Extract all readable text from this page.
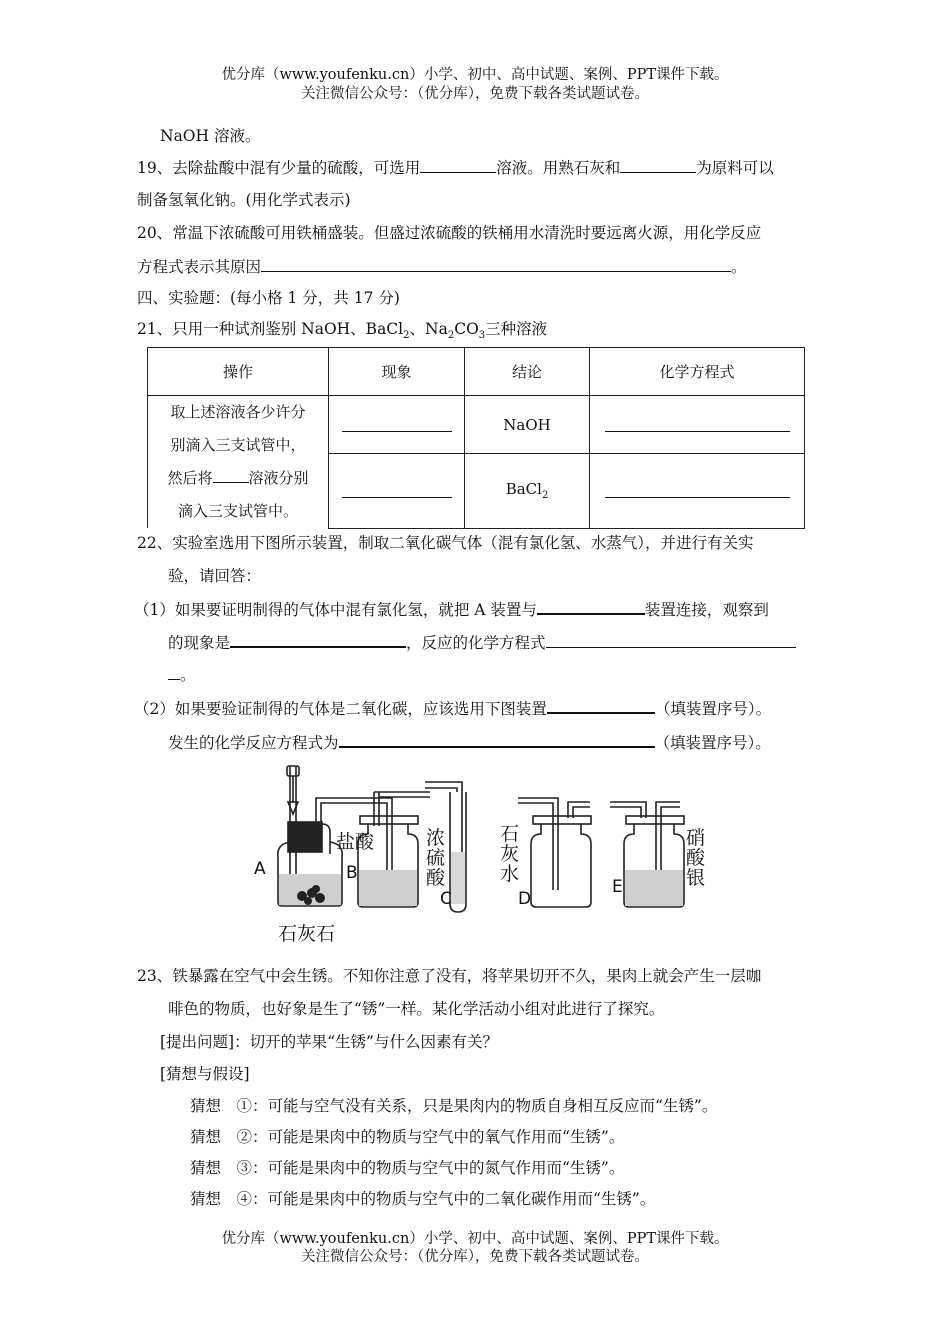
优分库（www.youfenku.cn）小学、初中、高中试题、案例、PPT课件下载。
关注微信公众号：（优分库），免费下载各类试题试卷。
NaOH 溶液。
19、去除盐酸中混有少量的硫酸，可选用	溶液。用熟石灰和	为原料可以
制备氢氧化钠。(用化学式表示)
20、常温下浓硫酸可用铁桶盛装。但盛过浓硫酸的铁桶用水清洗时要远离火源，用化学反应
方程式表示其原因	。
四、实验题：(每小格 1 分，共 17 分)
21、只用一种试剂鉴别 NaOH、BaCl$_2$、$Na_2CO_3$三种溶液
操作	现象	结论	化学方程式

取上述溶液各少许分
别滴入三支试管中，
然后将 溶液分别
滴入三支试管中。		NaOH	
		BaCl$_2$	
22、实验室选用下图所示装置，制取二氧化碳气体（混有氯化氢、水蒸气），并进行有关实
验，请回答：
（1）如果要证明制得的气体中混有氯化氢，就把 A 装置与	装置连接，观察到
的现象是	，反应的化学方程式
。
（2）如果要验证制得的气体是二氧化碳，应该选用下图装置	（填装置序号）。
发生的化学反应方程式为	（填装置序号）。
A	B
C	D
E
盐酸
石灰石
浓
硫
酸
石
灰
水
硝
酸
银
23、铁暴露在空气中会生锈。不知你注意了没有，将苹果切开不久，果肉上就会产生一层咖
啡色的物质，也好象是生了“锈”一样。某化学活动小组对此进行了探究。
[提出问题]：切开的苹果“生锈”与什么因素有关？
[猜想与假设]
猜想　①：可能与空气没有关系，只是果肉内的物质自身相互反应而“生锈”。
猜想　②：可能是果肉中的物质与空气中的氧气作用而“生锈”。
猜想　③：可能是果肉中的物质与空气中的氮气作用而“生锈”。
猜想　④：可能是果肉中的物质与空气中的二氧化碳作用而“生锈”。
优分库（www.youfenku.cn）小学、初中、高中试题、案例、PPT课件下载。
关注微信公众号：（优分库），免费下载各类试题试卷。
